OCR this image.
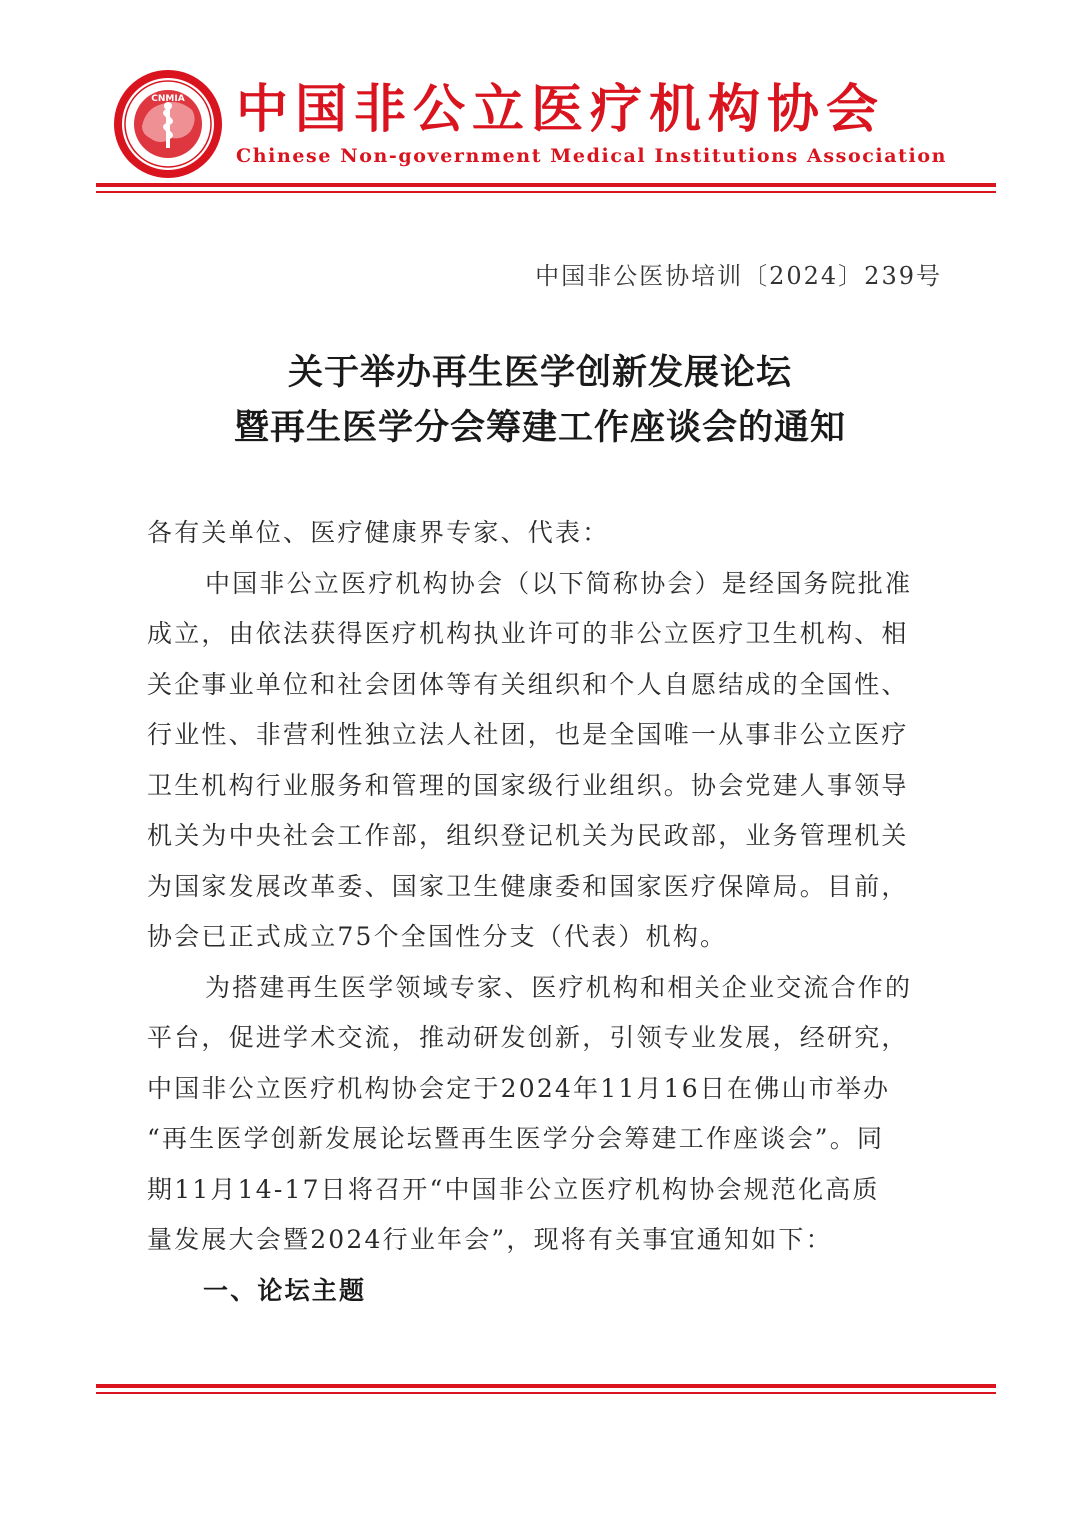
CNMIA 中国非公立医疗机构协会
Chinese Non-government Medical Institutions Association
中国非公医协培训〔2024〕239号
关于举办再生医学创新发展论坛
暨再生医学分会筹建工作座谈会的通知

各有关单位、医疗健康界专家、代表：

中国非公立医疗机构协会（以下简称协会）是经国务院批准
成立，由依法获得医疗机构执业许可的非公立医疗卫生机构、相
关企事业单位和社会团体等有关组织和个人自愿结成的全国性、
行业性、非营利性独立法人社团，也是全国唯一从事非公立医疗
卫生机构行业服务和管理的国家级行业组织。协会党建人事领导
机关为中央社会工作部，组织登记机关为民政部，业务管理机关
为国家发展改革委、国家卫生健康委和国家医疗保障局。目前，
协会已正式成立75个全国性分支（代表）机构。

为搭建再生医学领域专家、医疗机构和相关企业交流合作的
平台，促进学术交流，推动研发创新，引领专业发展，经研究，
中国非公立医疗机构协会定于2024年11月16日在佛山市举办
“再生医学创新发展论坛暨再生医学分会筹建工作座谈会”。同
期11月14-17日将召开“中国非公立医疗机构协会规范化高质
量发展大会暨2024行业年会”，现将有关事宜通知如下：

一、论坛主题
